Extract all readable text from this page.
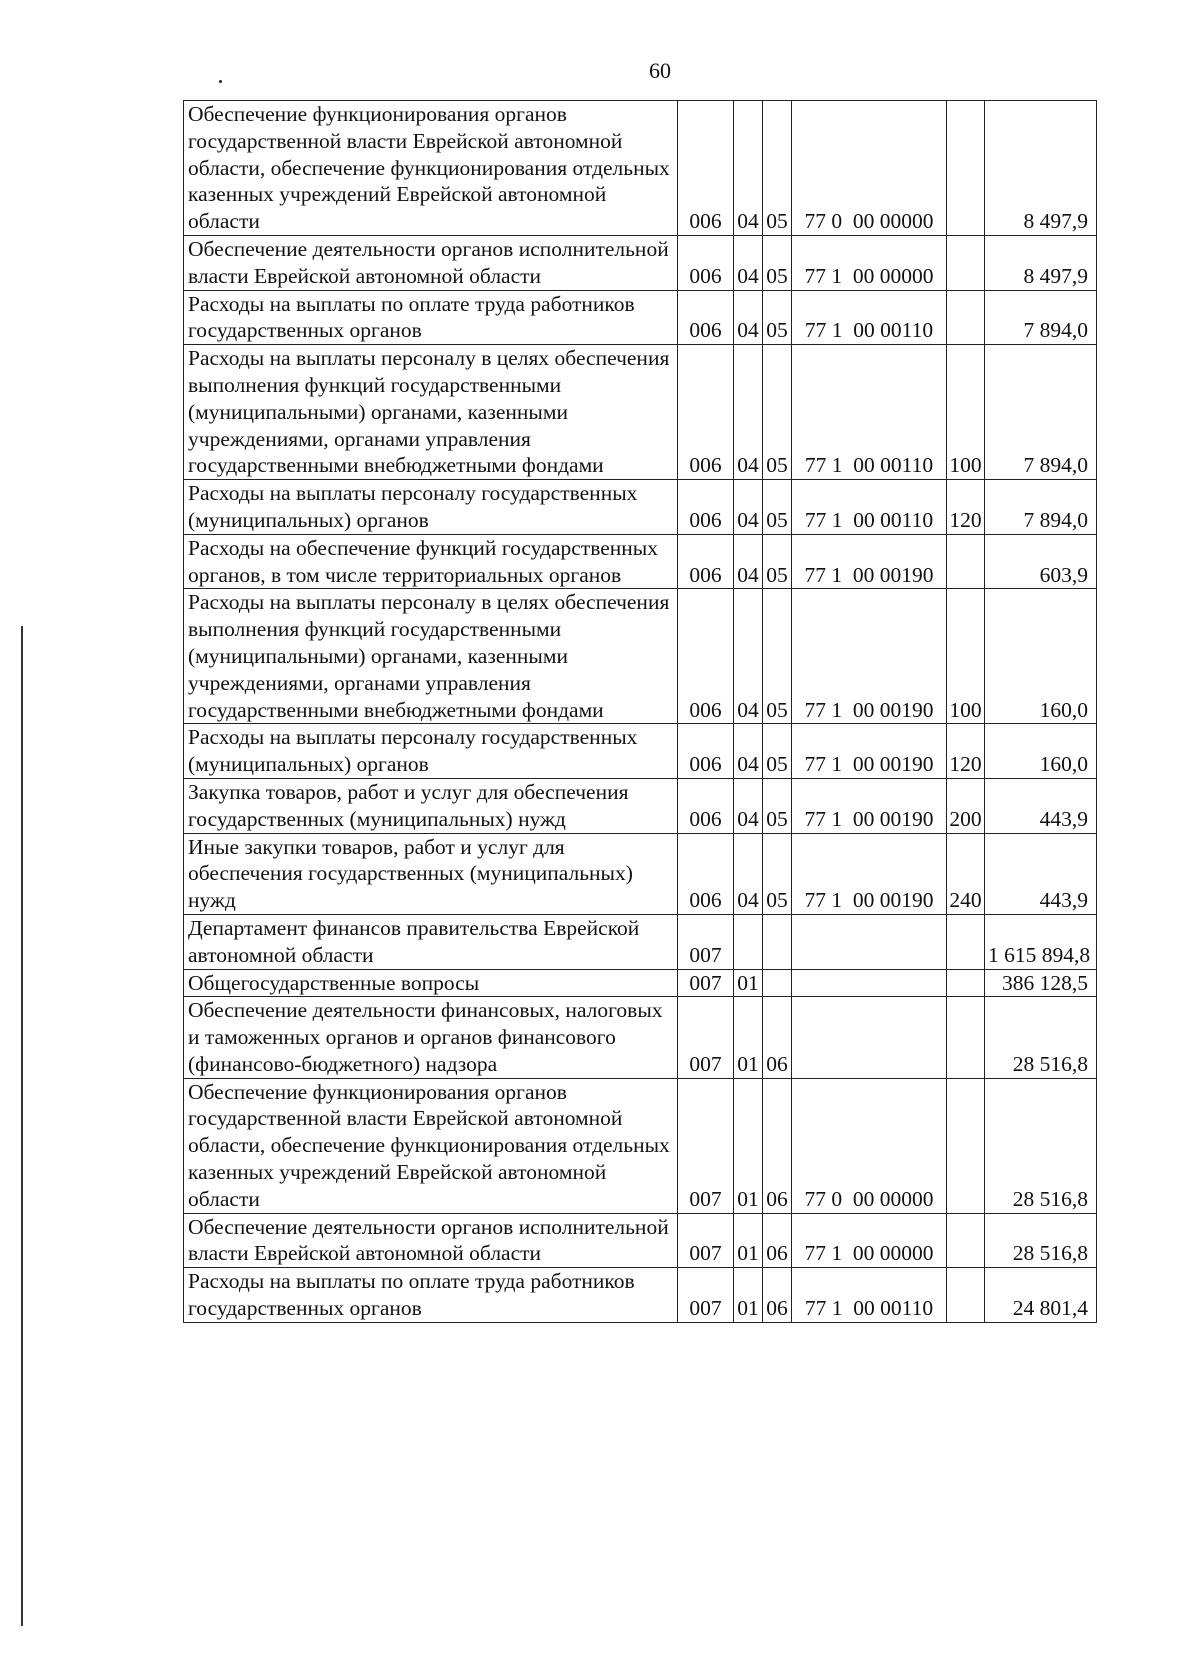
60
Обеспечение функционирования органов государственной власти Еврейской автономной области, обеспечение функционирования отдельных казенных учреждений Еврейской автономной области	006	04	05	77 0  00 00000		8 497,9
Обеспечение деятельности органов исполнительной власти Еврейской автономной области	006	04	05	77 1  00 00000		8 497,9
Расходы на выплаты по оплате труда работников государственных органов	006	04	05	77 1  00 00110		7 894,0
Расходы на выплаты персоналу в целях обеспечения выполнения функций государственными (муниципальными) органами, казенными учреждениями, органами управления государственными внебюджетными фондами	006	04	05	77 1  00 00110	100	7 894,0
Расходы на выплаты персоналу государственных (муниципальных) органов	006	04	05	77 1  00 00110	120	7 894,0
Расходы на обеспечение функций государственных органов, в том числе территориальных органов	006	04	05	77 1  00 00190		603,9
Расходы на выплаты персоналу в целях обеспечения выполнения функций государственными (муниципальными) органами, казенными учреждениями, органами управления государственными внебюджетными фондами	006	04	05	77 1  00 00190	100	160,0
Расходы на выплаты персоналу государственных (муниципальных) органов	006	04	05	77 1  00 00190	120	160,0
Закупка товаров, работ и услуг для обеспечения государственных (муниципальных) нужд	006	04	05	77 1  00 00190	200	443,9
Иные закупки товаров, работ и услуг для обеспечения государственных (муниципальных) нужд	006	04	05	77 1  00 00190	240	443,9
Департамент финансов правительства Еврейской автономной области	007					1 615 894,8
Общегосударственные вопросы	007	01				386 128,5
Обеспечение деятельности финансовых, налоговых и таможенных органов и органов финансового (финансово-бюджетного) надзора	007	01	06			28 516,8
Обеспечение функционирования органов государственной власти Еврейской автономной области, обеспечение функционирования отдельных казенных учреждений Еврейской автономной области	007	01	06	77 0  00 00000		28 516,8
Обеспечение деятельности органов исполнительной власти Еврейской автономной области	007	01	06	77 1  00 00000		28 516,8
Расходы на выплаты по оплате труда работников государственных органов	007	01	06	77 1  00 00110		24 801,4
